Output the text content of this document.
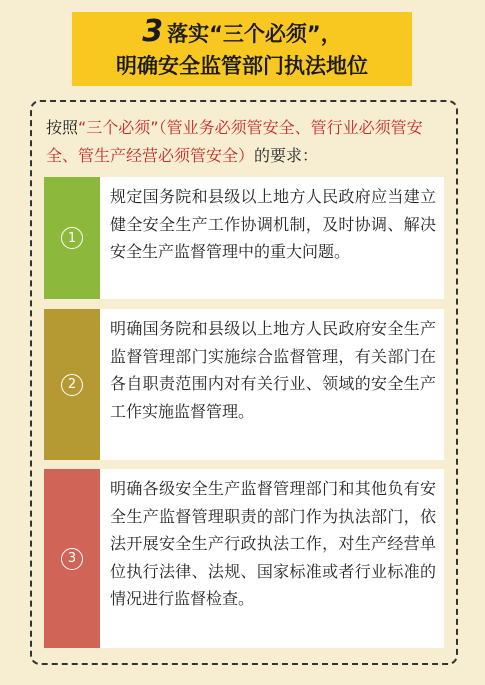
3 落实“三个必须”，
明确安全监管部门执法地位
按照“三个必须”（管业务必须管安全、管行业必须管安全、管生产经营必须管安全）的要求：
1
规定国务院和县级以上地方人民政府应当建立健全安全生产工作协调机制，及时协调、解决安全生产监督管理中的重大问题。
2
明确国务院和县级以上地方人民政府安全生产监督管理部门实施综合监督管理，有关部门在各自职责范围内对有关行业、领域的安全生产工作实施监督管理。
3
明确各级安全生产监督管理部门和其他负有安全生产监督管理职责的部门作为执法部门，依法开展安全生产行政执法工作，对生产经营单位执行法律、法规、国家标准或者行业标准的情况进行监督检查。
